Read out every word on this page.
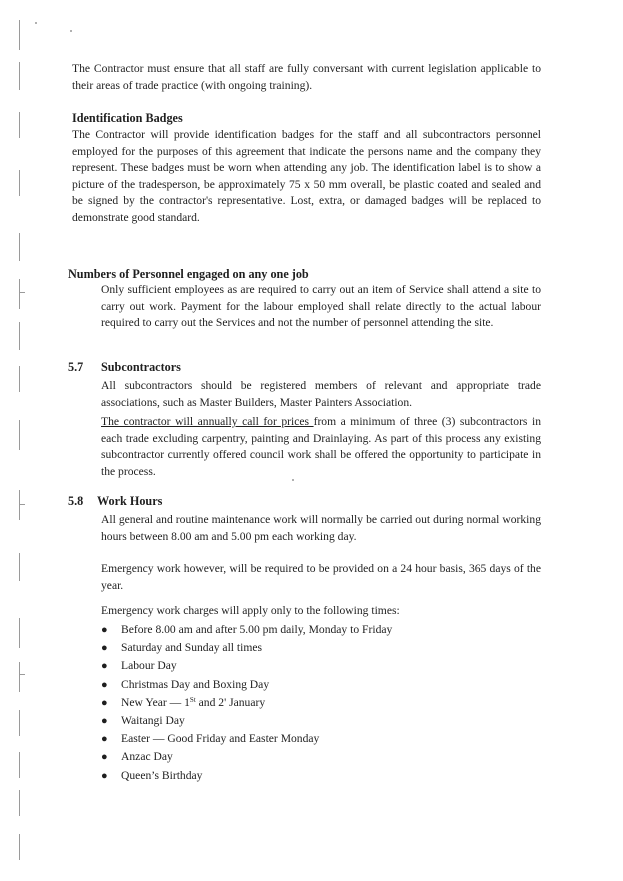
The Contractor must ensure that all staff are fully conversant with current legislation applicable to their areas of trade practice (with ongoing training).

Identification Badges

The Contractor will provide identification badges for the staff and all subcontractors personnel employed for the purposes of this agreement that indicate the persons name and the company they represent. These badges must be worn when attending any job. The identification label is to show a picture of the tradesperson, be approximately 75 x 50 mm overall, be plastic coated and sealed and be signed by the contractor's representative. Lost, extra, or damaged badges will be replaced to demonstrate good standard.

Numbers of Personnel engaged on any one job

Only sufficient employees as are required to carry out an item of Service shall attend a site to carry out work. Payment for the labour employed shall relate directly to the actual labour required to carry out the Services and not the number of personnel attending the site.

5.7 Subcontractors

All subcontractors should be registered members of relevant and appropriate trade associations, such as Master Builders, Master Painters Association.

The contractor will annually call for prices from a minimum of three (3) subcontractors in each trade excluding carpentry, painting and Drainlaying. As part of this process any existing subcontractor currently offered council work shall be offered the opportunity to participate in the process.

5.8 Work Hours

All general and routine maintenance work will normally be carried out during normal working hours between 8.00 am and 5.00 pm each working day.

Emergency work however, will be required to be provided on a 24 hour basis, 365 days of the year.

Emergency work charges will apply only to the following times:

● Before 8.00 am and after 5.00 pm daily, Monday to Friday
● Saturday and Sunday all times
● Labour Day
● Christmas Day and Boxing Day
● New Year — 1St and 2' January
● Waitangi Day
● Easter — Good Friday and Easter Monday
● Anzac Day
● Queen’s Birthday
